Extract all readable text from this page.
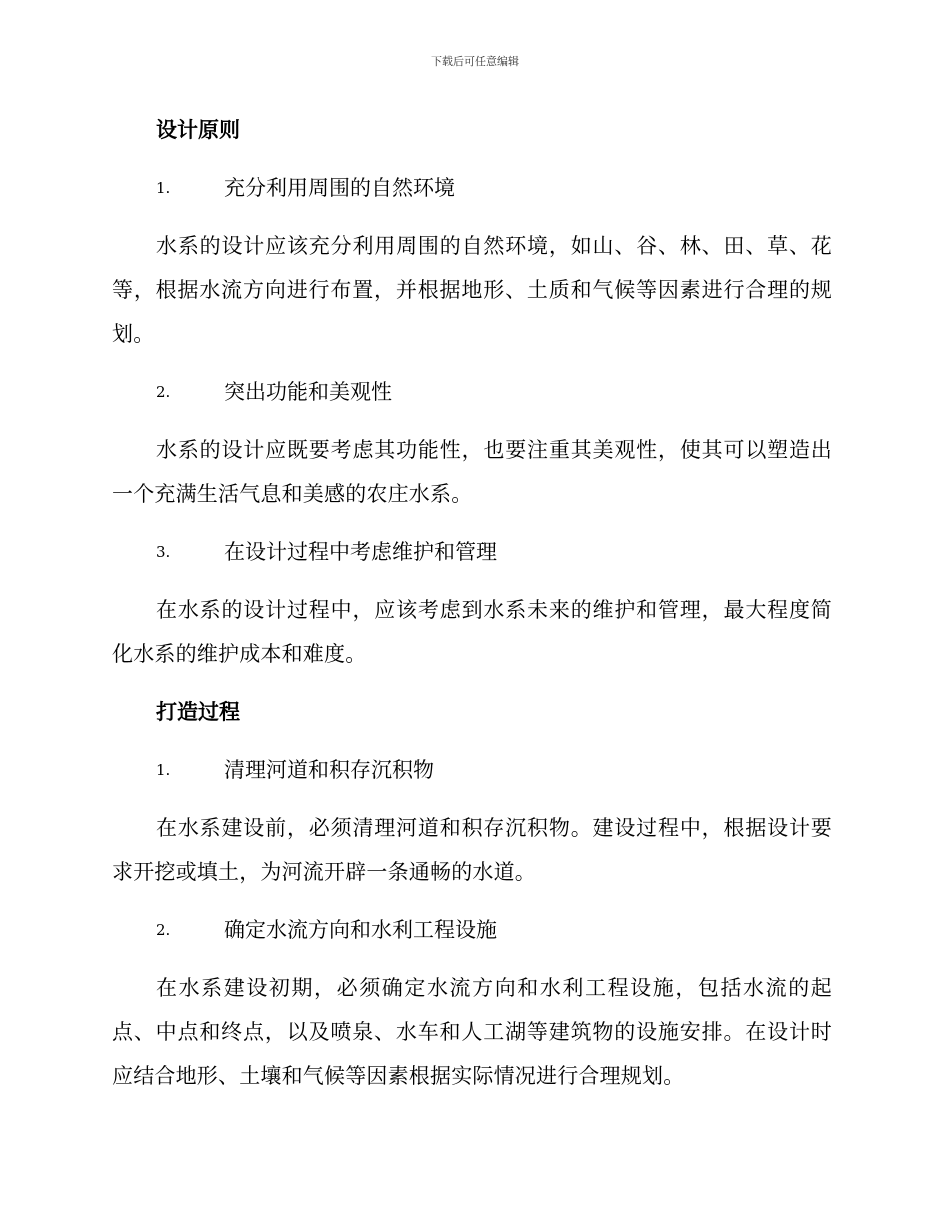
下载后可任意编辑
设计原则
1.	充分利用周围的自然环境

水系的设计应该充分利用周围的自然环境，如山、谷、林、田、草、花等，根据水流方向进行布置，并根据地形、土质和气候等因素进行合理的规划。

2.	突出功能和美观性

水系的设计应既要考虑其功能性，也要注重其美观性，使其可以塑造出一个充满生活气息和美感的农庄水系。

3.	在设计过程中考虑维护和管理

在水系的设计过程中，应该考虑到水系未来的维护和管理，最大程度简化水系的维护成本和难度。

打造过程
1.	清理河道和积存沉积物

在水系建设前，必须清理河道和积存沉积物。建设过程中，根据设计要求开挖或填土，为河流开辟一条通畅的水道。

2.	确定水流方向和水利工程设施

在水系建设初期，必须确定水流方向和水利工程设施，包括水流的起点、中点和终点，以及喷泉、水车和人工湖等建筑物的设施安排。在设计时应结合地形、土壤和气候等因素根据实际情况进行合理规划。
